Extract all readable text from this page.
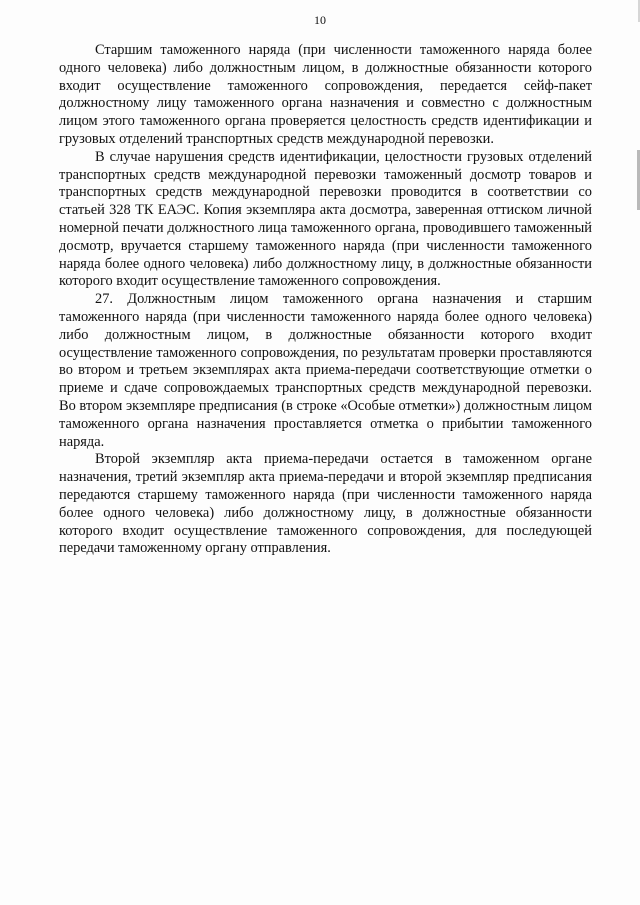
10

Старшим таможенного наряда (при численности таможенного наряда более одного человека) либо должностным лицом, в должностные обязанности которого входит осуществление таможенного сопровождения, передается сейф-пакет должностному лицу таможенного органа назначения и совместно с должностным лицом этого таможенного органа проверяется целостность средств идентификации и грузовых отделений транспортных средств международной перевозки.

В случае нарушения средств идентификации, целостности грузовых отделений транспортных средств международной перевозки таможенный досмотр товаров и транспортных средств международной перевозки проводится в соответствии со статьей 328 ТК ЕАЭС. Копия экземпляра акта досмотра, заверенная оттиском личной номерной печати должностного лица таможенного органа, проводившего таможенный досмотр, вручается старшему таможенного наряда (при численности таможенного наряда более одного человека) либо должностному лицу, в должностные обязанности которого входит осуществление таможенного сопровождения.

27. Должностным лицом таможенного органа назначения и старшим таможенного наряда (при численности таможенного наряда более одного человека) либо должностным лицом, в должностные обязанности которого входит осуществление таможенного сопровождения, по результатам проверки проставляются во втором и третьем экземплярах акта приема-передачи соответствующие отметки о приеме и сдаче сопровождаемых транспортных средств международной перевозки. Во втором экземпляре предписания (в строке «Особые отметки») должностным лицом таможенного органа назначения проставляется отметка о прибытии таможенного наряда.

Второй экземпляр акта приема-передачи остается в таможенном органе назначения, третий экземпляр акта приема-передачи и второй экземпляр предписания передаются старшему таможенного наряда (при численности таможенного наряда более одного человека) либо должностному лицу, в должностные обязанности которого входит осуществление таможенного сопровождения, для последующей передачи таможенному органу отправления.
